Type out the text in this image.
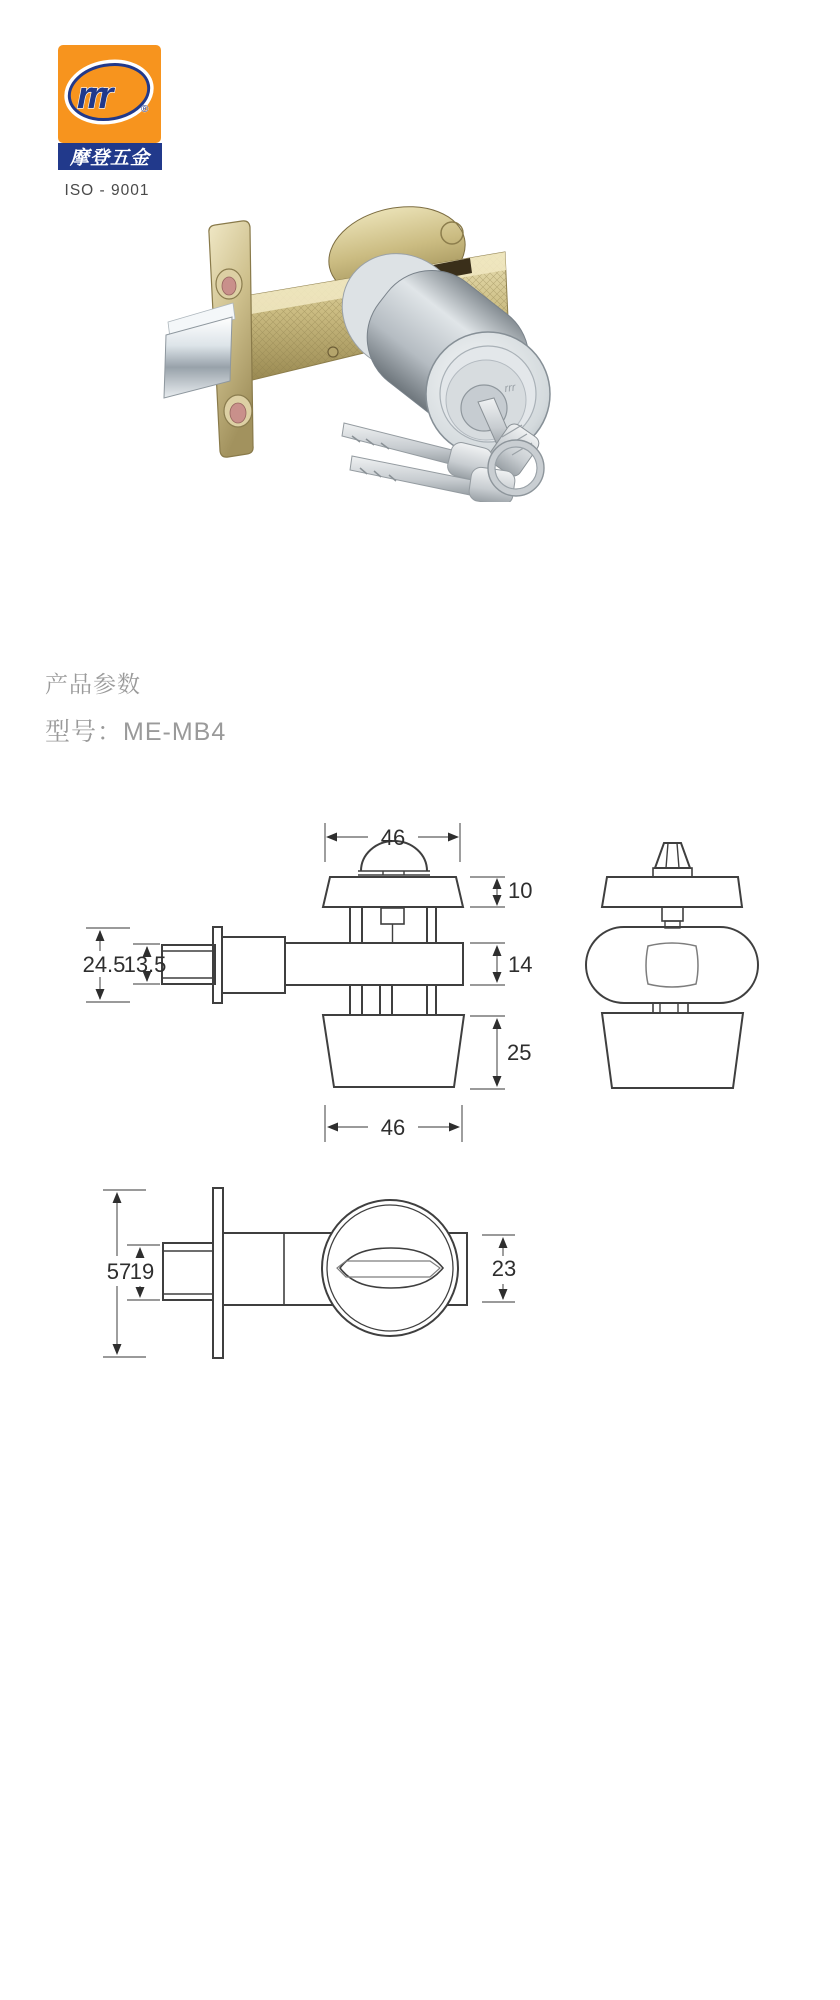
rrr	®
摩登五金
ISO - 9001
rrr
产品参数
型号：ME-MB4
46
10
14
25
24.5
13.5
46
57
19	23
